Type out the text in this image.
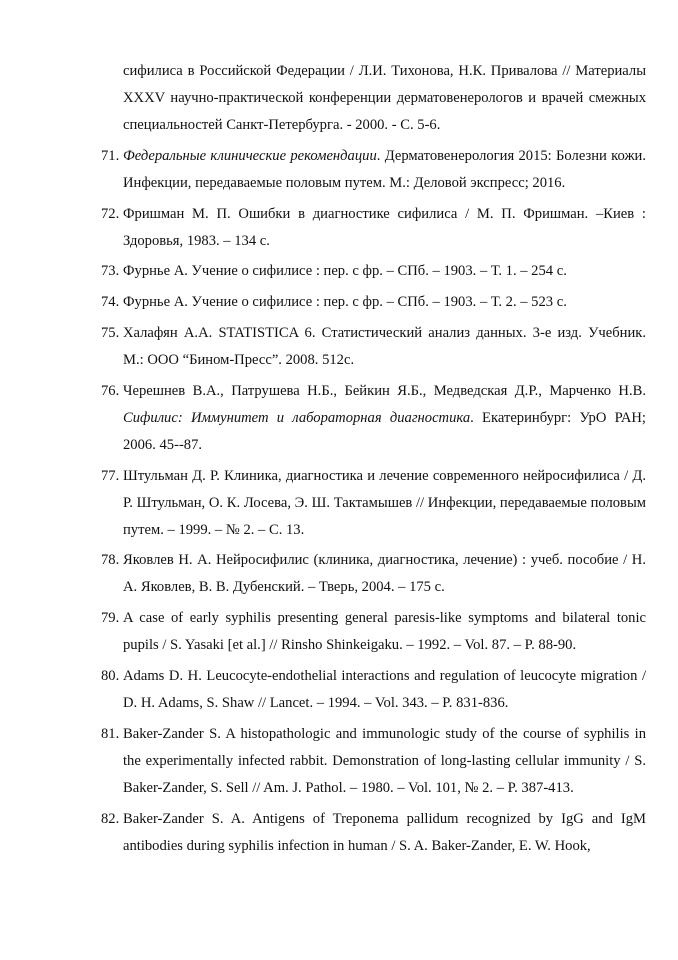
сифилиса в Российской Федерации / Л.И. Тихонова, Н.К. Привалова // Материалы XXXV научно-практической конференции дерматовенерологов и врачей смежных специальностей Санкт-Петербурга. - 2000. - С. 5-6.
71. Федеральные клинические рекомендации. Дерматовенерология 2015: Болезни кожи. Инфекции, передаваемые половым путем. М.: Деловой экспресс; 2016.
72. Фришман М. П. Ошибки в диагностике сифилиса / М. П. Фришман. –Киев : Здоровья, 1983. – 134 с.
73. Фурнье А. Учение о сифилисе : пер. с фр. – СПб. – 1903. – Т. 1. – 254 с.
74. Фурнье А. Учение о сифилисе : пер. с фр. – СПб. – 1903. – Т. 2. – 523 с.
75. Халафян А.А. STATISTICA 6. Статистический анализ данных. 3-е изд. Учебник. М.: ООО “Бином-Пресс”. 2008. 512с.
76. Черешнев В.А., Патрушева Н.Б., Бейкин Я.Б., Медведская Д.Р., Марченко Н.В. Сифилис: Иммунитет и лабораторная диагностика. Екатеринбург: УрО РАН; 2006. 45--87.
77. Штульман Д. Р. Клиника, диагностика и лечение современного нейросифилиса / Д. Р. Штульман, О. К. Лосева, Э. Ш. Тактамышев // Инфекции, передаваемые половым путем. – 1999. – № 2. – С. 13.
78. Яковлев Н. А. Нейросифилис (клиника, диагностика, лечение) : учеб. пособие / Н. А. Яковлев, В. В. Дубенский. – Тверь, 2004. – 175 с.
79. A case of early syphilis presenting general paresis-like symptoms and bilateral tonic pupils / S. Yasaki [et al.] // Rinsho Shinkeigaku. – 1992. – Vol. 87. – P. 88-90.
80. Adams D. H. Leucocyte-endothelial interactions and regulation of leucocyte migration / D. H. Adams, S. Shaw // Lancet. – 1994. – Vol. 343. – P. 831-836.
81. Baker-Zander S. A histopathologic and immunologic study of the course of syphilis in the experimentally infected rabbit. Demonstration of long-lasting cellular immunity / S. Baker-Zander, S. Sell // Am. J. Pathol. – 1980. – Vol. 101, № 2. – P. 387-413.
82. Baker-Zander S. A. Antigens of Treponema pallidum recognized by IgG and IgM antibodies during syphilis infection in human / S. A. Baker-Zander, E. W. Hook,
